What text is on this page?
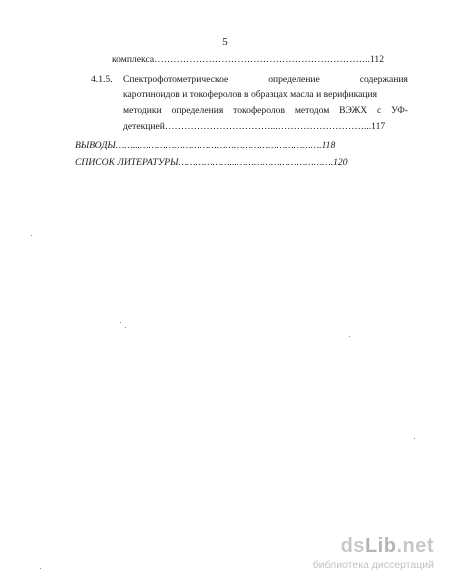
5
комплекса…………………………………………………………..112
4.1.5. Спектрофотометрическое	определение	содержания
каротиноидов и токоферолов в образцах масла и верификация
методики определения токоферолов методом ВЭЖХ с УФ-
детекцией……………………………...………………………...117
ВЫВОДЫ……...……………………………………………………….118
СПИСОК ЛИТЕРАТУРЫ………………...…………………………….120
dsLib.net
библиотека диссертаций
